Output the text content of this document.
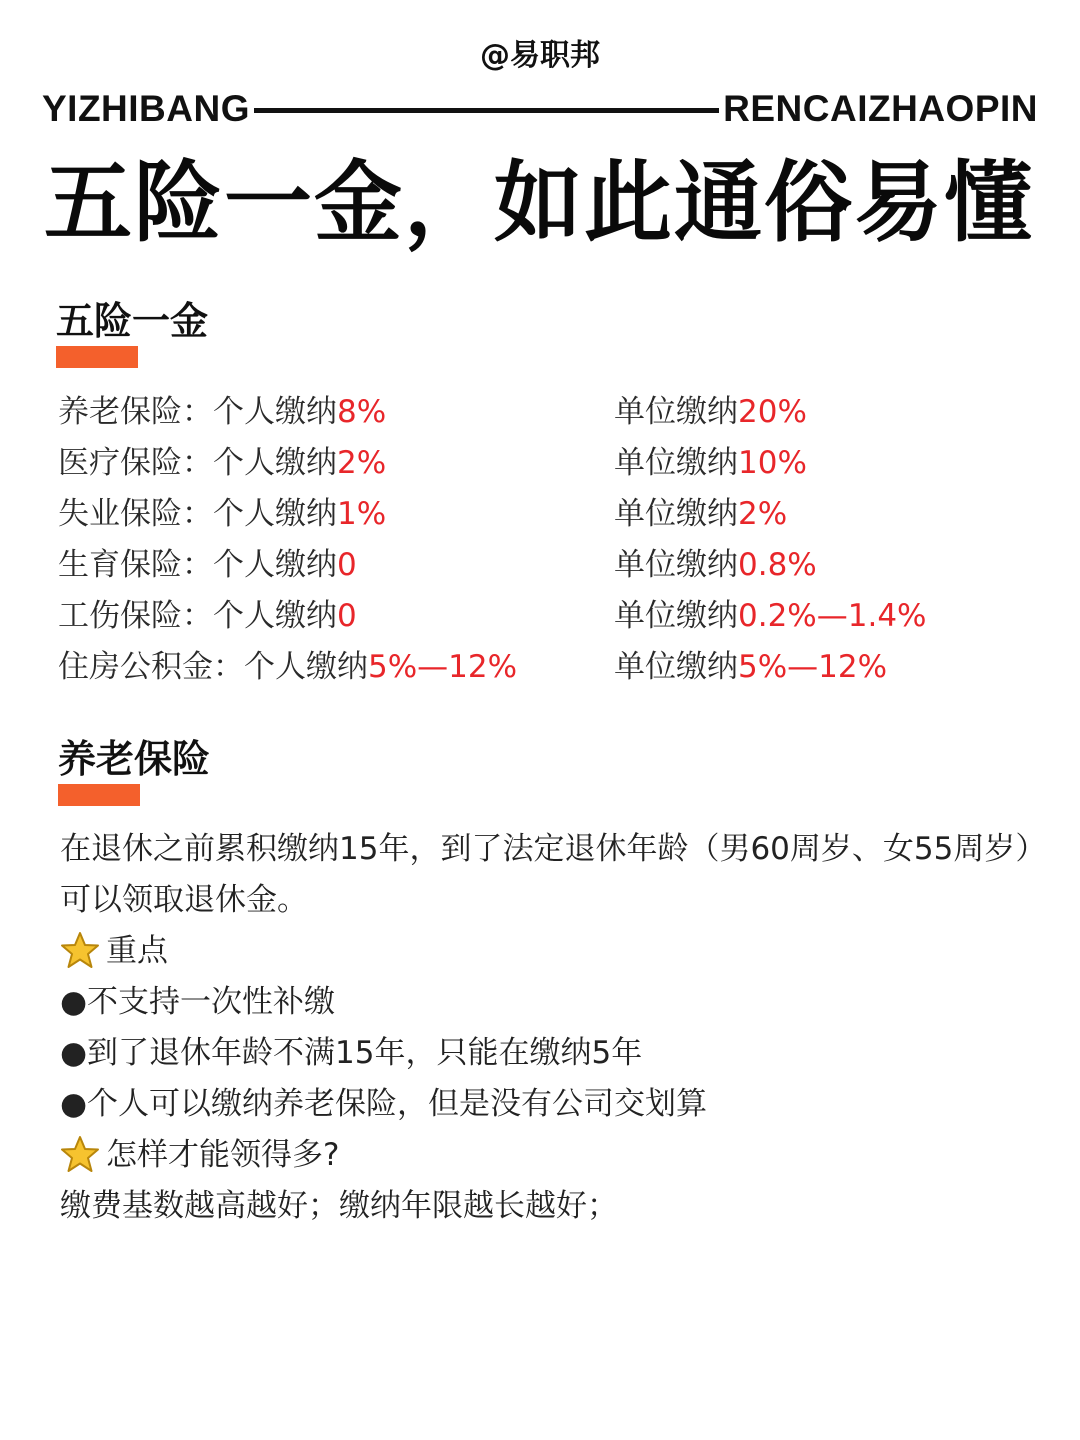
@易职邦
YIZHIBANG	RENCAIZHAOPIN
五险一金，如此通俗易懂
五险一金
养老保险：个人缴纳8%	单位缴纳20%
医疗保险：个人缴纳2%	单位缴纳10%
失业保险：个人缴纳1%	单位缴纳2%
生育保险：个人缴纳0	单位缴纳0.8%
工伤保险：个人缴纳0	单位缴纳0.2%—1.4%
住房公积金：个人缴纳5%—12%	单位缴纳5%—12%
养老保险
在退休之前累积缴纳15年，到了法定退休年龄（男60周岁、女55周岁）可以领取退休金。
重点
●不支持一次性补缴
●到了退休年龄不满15年，只能在缴纳5年
●个人可以缴纳养老保险，但是没有公司交划算
怎样才能领得多?
缴费基数越高越好；缴纳年限越长越好；
